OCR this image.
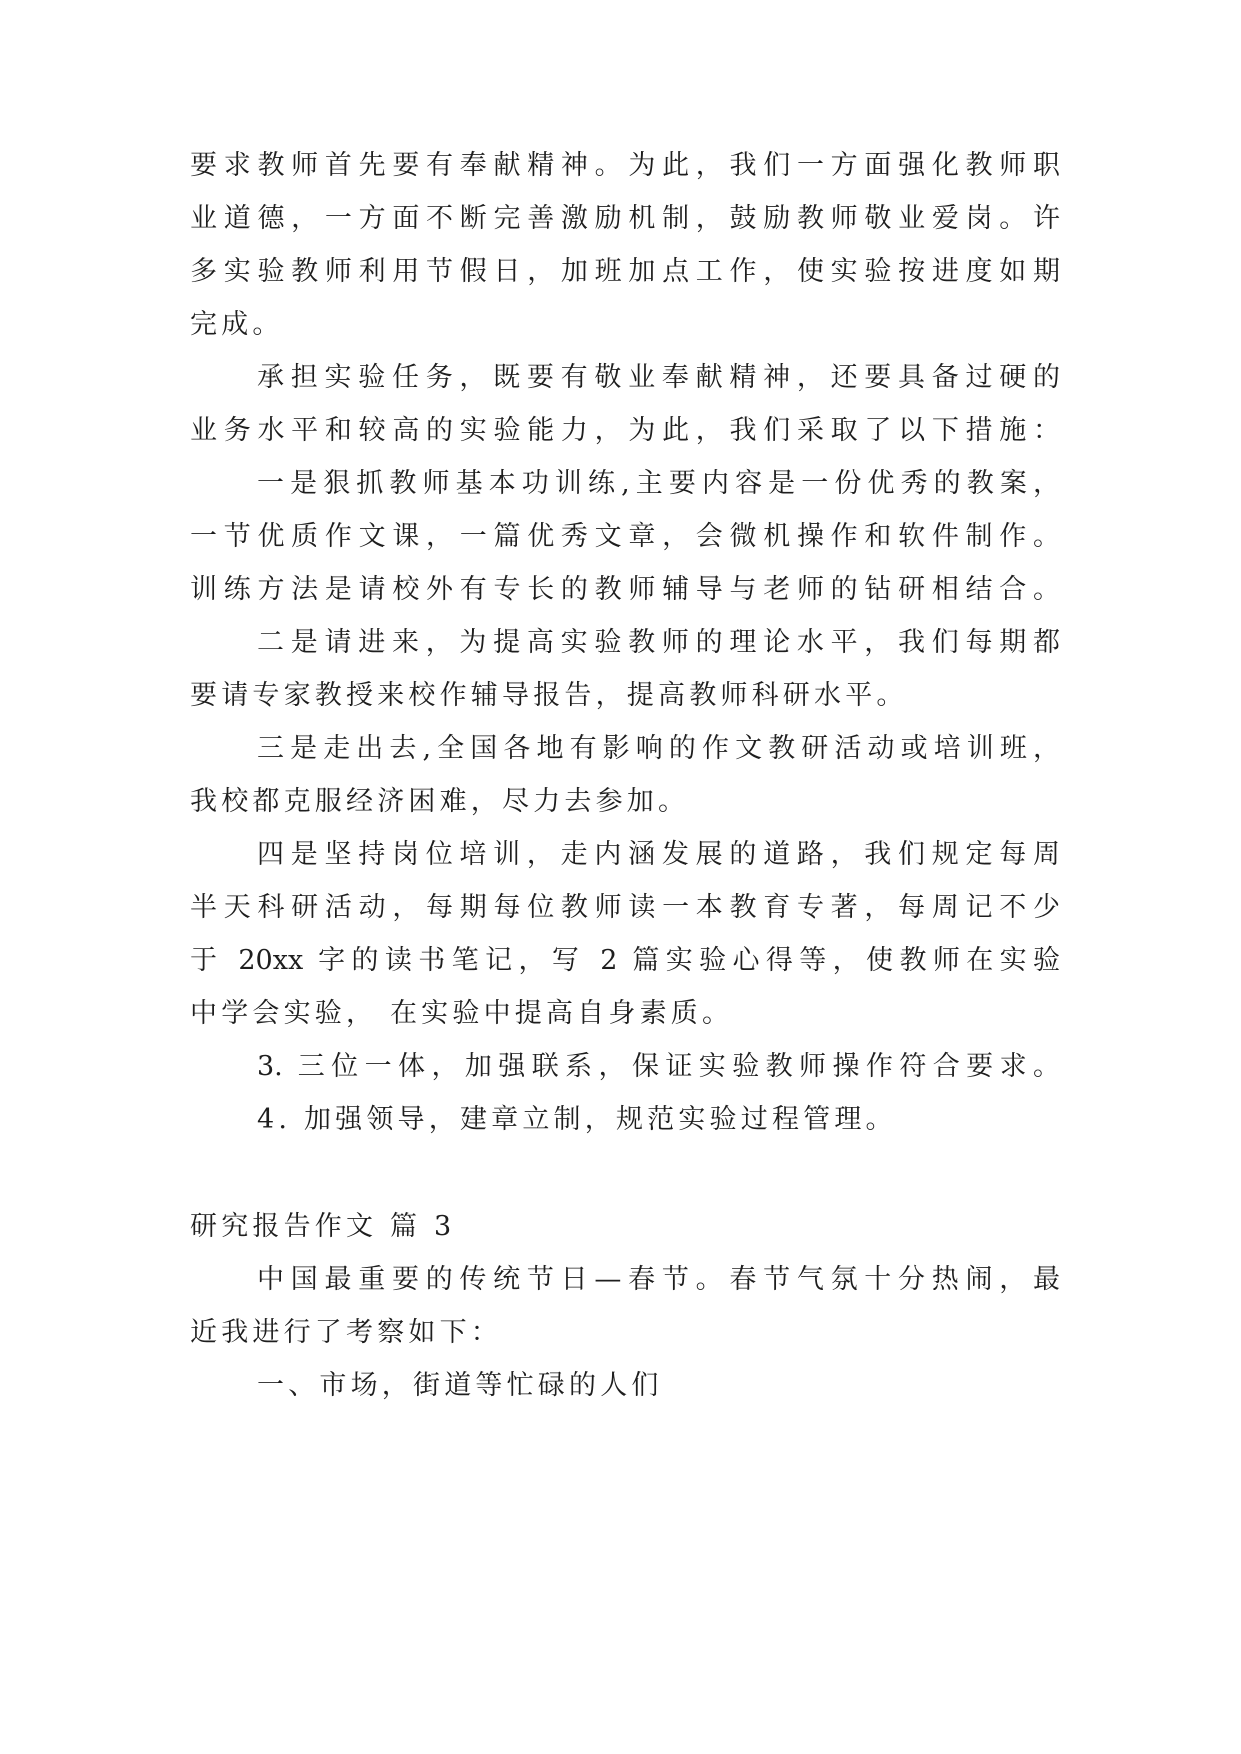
要求教师首先要有奉献精神。为此，我们一方面强化教师职
业道德，一方面不断完善激励机制，鼓励教师敬业爱岗。许
多实验教师利用节假日，加班加点工作，使实验按进度如期
完成。
承担实验任务，既要有敬业奉献精神，还要具备过硬的
业务水平和较高的实验能力，为此，我们采取了以下措施：
一是狠抓教师基本功训练,主要内容是一份优秀的教案，
一节优质作文课，一篇优秀文章，会微机操作和软件制作。
训练方法是请校外有专长的教师辅导与老师的钻研相结合。
二是请进来，为提高实验教师的理论水平，我们每期都
要请专家教授来校作辅导报告，提高教师科研水平。
三是走出去,全国各地有影响的作文教研活动或培训班，
我校都克服经济困难，尽力去参加。
四是坚持岗位培训，走内涵发展的道路，我们规定每周
半天科研活动，每期每位教师读一本教育专著，每周记不少
于 20xx 字的读书笔记，写 2 篇实验心得等，使教师在实验
中学会实验， 在实验中提高自身素质。
3. 三位一体，加强联系，保证实验教师操作符合要求。
4. 加强领导，建章立制，规范实验过程管理。
研究报告作文 篇 3
中国最重要的传统节日—春节。春节气氛十分热闹，最
近我进行了考察如下：
一、市场，街道等忙碌的人们
